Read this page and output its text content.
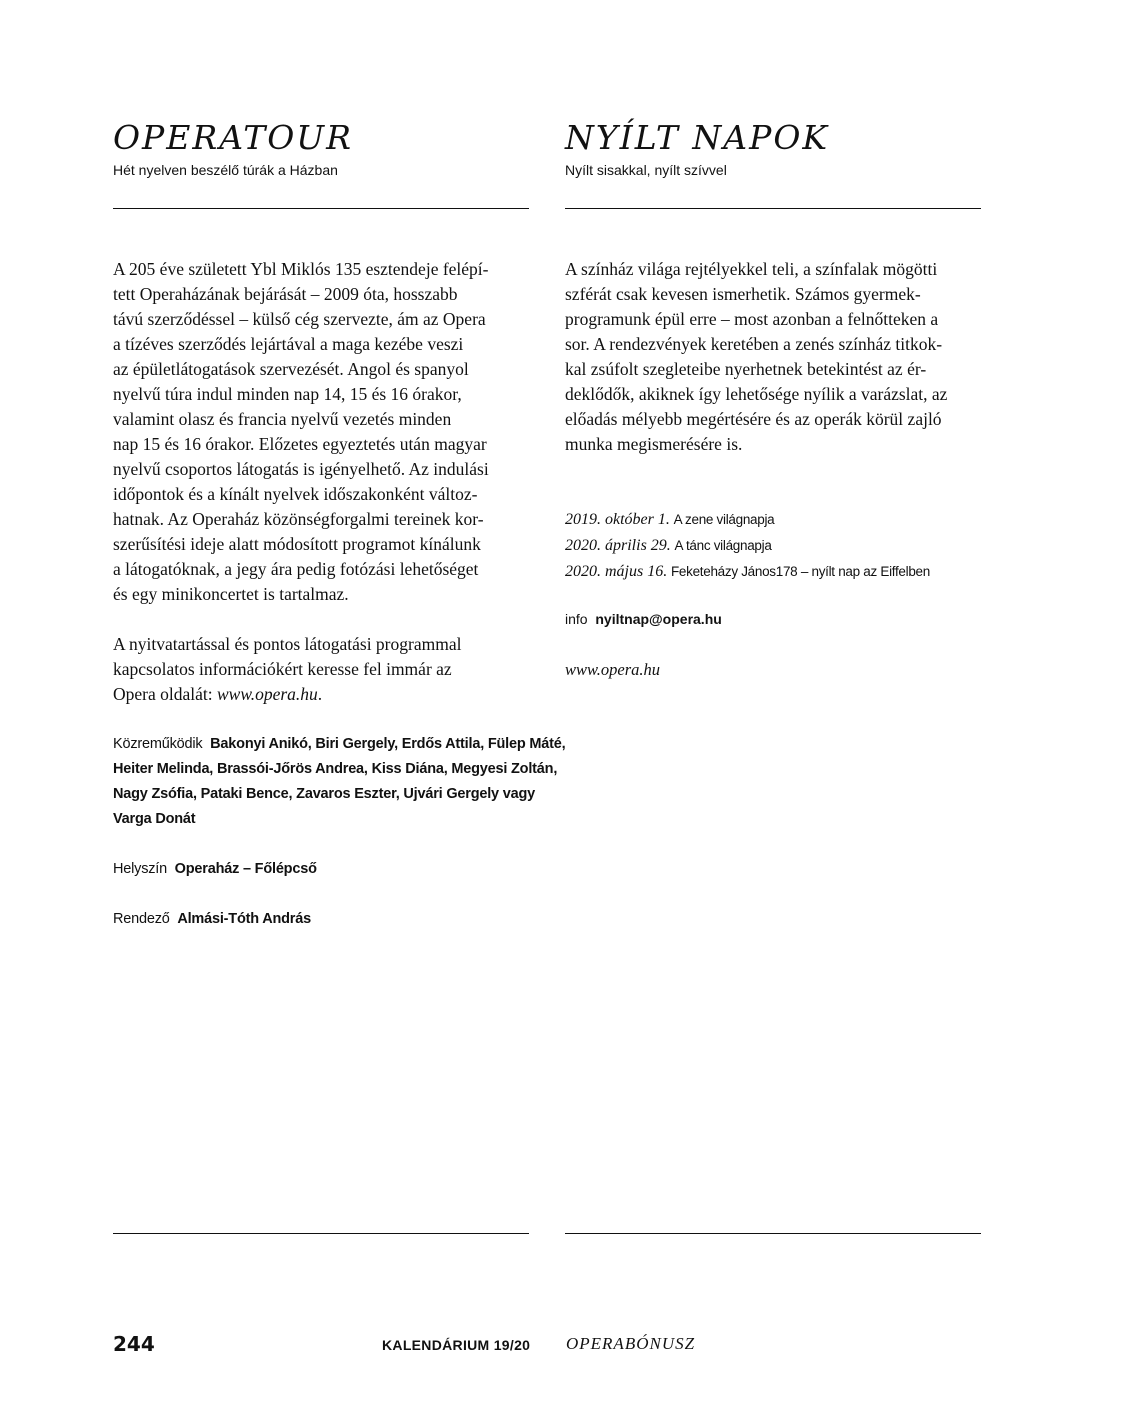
OPERATOUR
Hét nyelven beszélő túrák a Házban
A 205 éve született Ybl Miklós 135 esztendeje felépí-
tett Operaházának bejárását – 2009 óta, hosszabb
távú szerződéssel – külső cég szervezte, ám az Opera
a tízéves szerződés lejártával a maga kezébe veszi
az épületlátogatások szervezését. Angol és spanyol
nyelvű túra indul minden nap 14, 15 és 16 órakor,
valamint olasz és francia nyelvű vezetés minden
nap 15 és 16 órakor. Előzetes egyeztetés után magyar
nyelvű csoportos látogatás is igényelhető. Az indulási
időpontok és a kínált nyelvek időszakonként változ-
hatnak. Az Operaház közönségforgalmi tereinek kor-
szerűsítési ideje alatt módosított programot kínálunk
a látogatóknak, a jegy ára pedig fotózási lehetőséget
és egy minikoncertet is tartalmaz.
A nyitvatartással és pontos látogatási programmal
kapcsolatos információkért keresse fel immár az
Opera oldalát: www.opera.hu.
Közreműködik Bakonyi Anikó, Biri Gergely, Erdős Attila, Fülep Máté,
Heiter Melinda, Brassói-Jőrös Andrea, Kiss Diána, Megyesi Zoltán,
Nagy Zsófia, Pataki Bence, Zavaros Eszter, Ujvári Gergely vagy
Varga Donát
Helyszín Operaház – Főlépcső
Rendező Almási-Tóth András
NYÍLT NAPOK
Nyílt sisakkal, nyílt szívvel
A színház világa rejtélyekkel teli, a színfalak mögötti
szférát csak kevesen ismerhetik. Számos gyermek-
programunk épül erre – most azonban a felnőtteken a
sor. A rendezvények keretében a zenés színház titkok-
kal zsúfolt szegleteibe nyerhetnek betekintést az ér-
deklődők, akiknek így lehetősége nyílik a varázslat, az
előadás mélyebb megértésére és az operák körül zajló
munka megismerésére is.
2019. október 1. A zene világnapja
2020. április 29. A tánc világnapja
2020. május 16. Feketeházy János178 – nyílt nap az Eiffelben
info nyiltnap@opera.hu
www.opera.hu
244	KALENDÁRIUM 19/20 OPERABÓNUSZ
